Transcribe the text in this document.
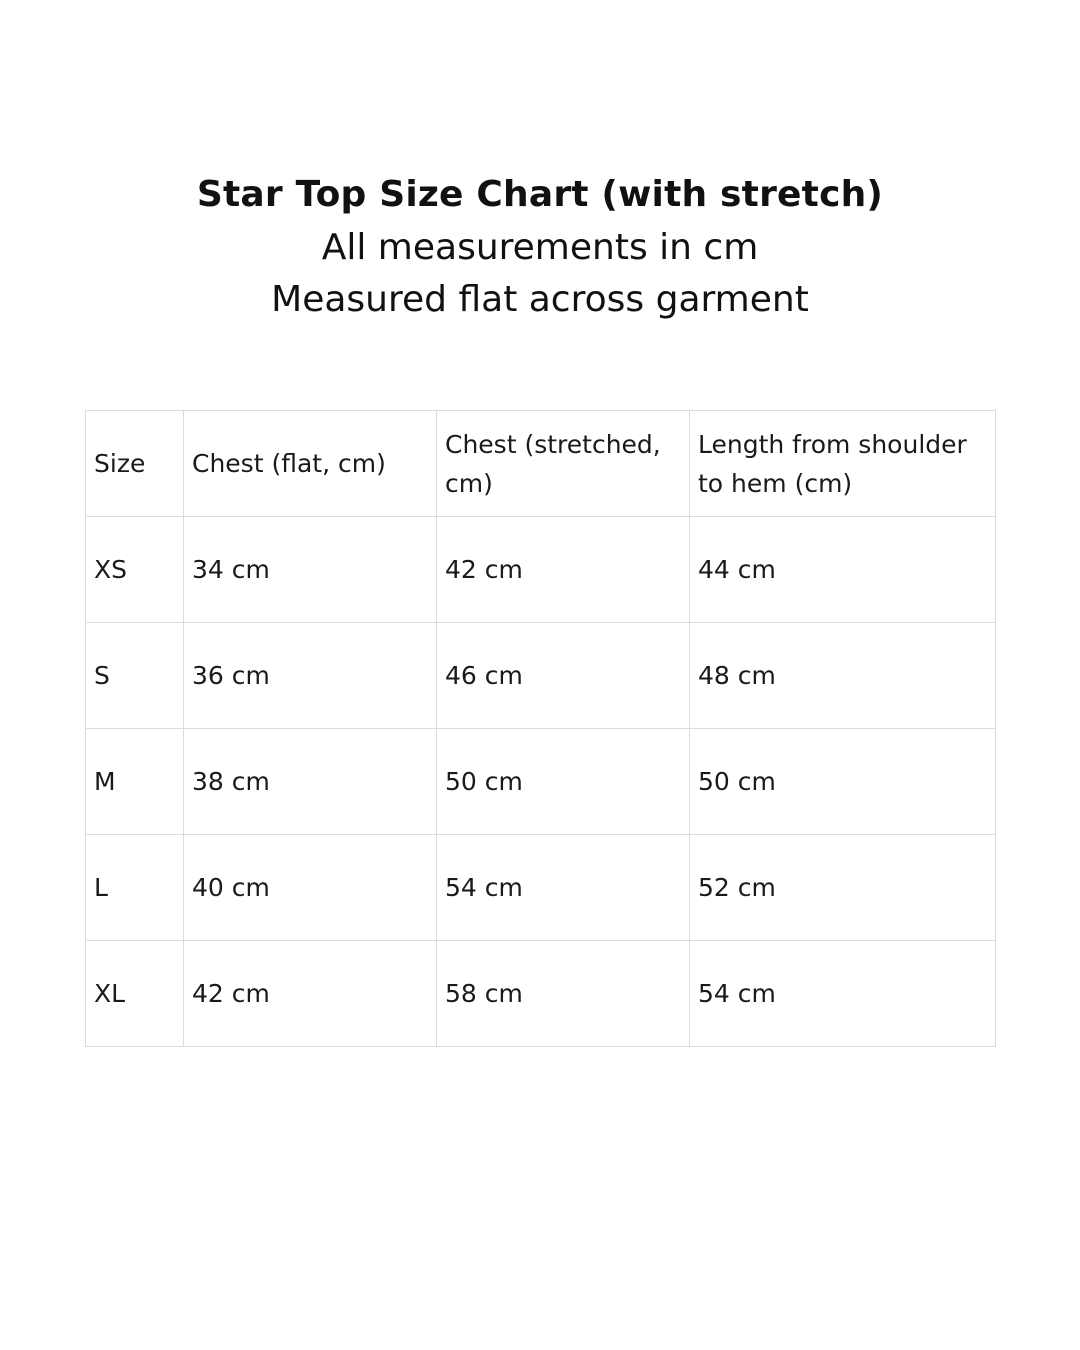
Star Top Size Chart (with stretch)
All measurements in cm
Measured flat across garment
Size	Chest (flat, cm)	Chest (stretched, cm)	Length from shoulder to hem (cm)
XS	34 cm	42 cm	44 cm
S	36 cm	46 cm	48 cm
M	38 cm	50 cm	50 cm
L	40 cm	54 cm	52 cm
XL	42 cm	58 cm	54 cm
